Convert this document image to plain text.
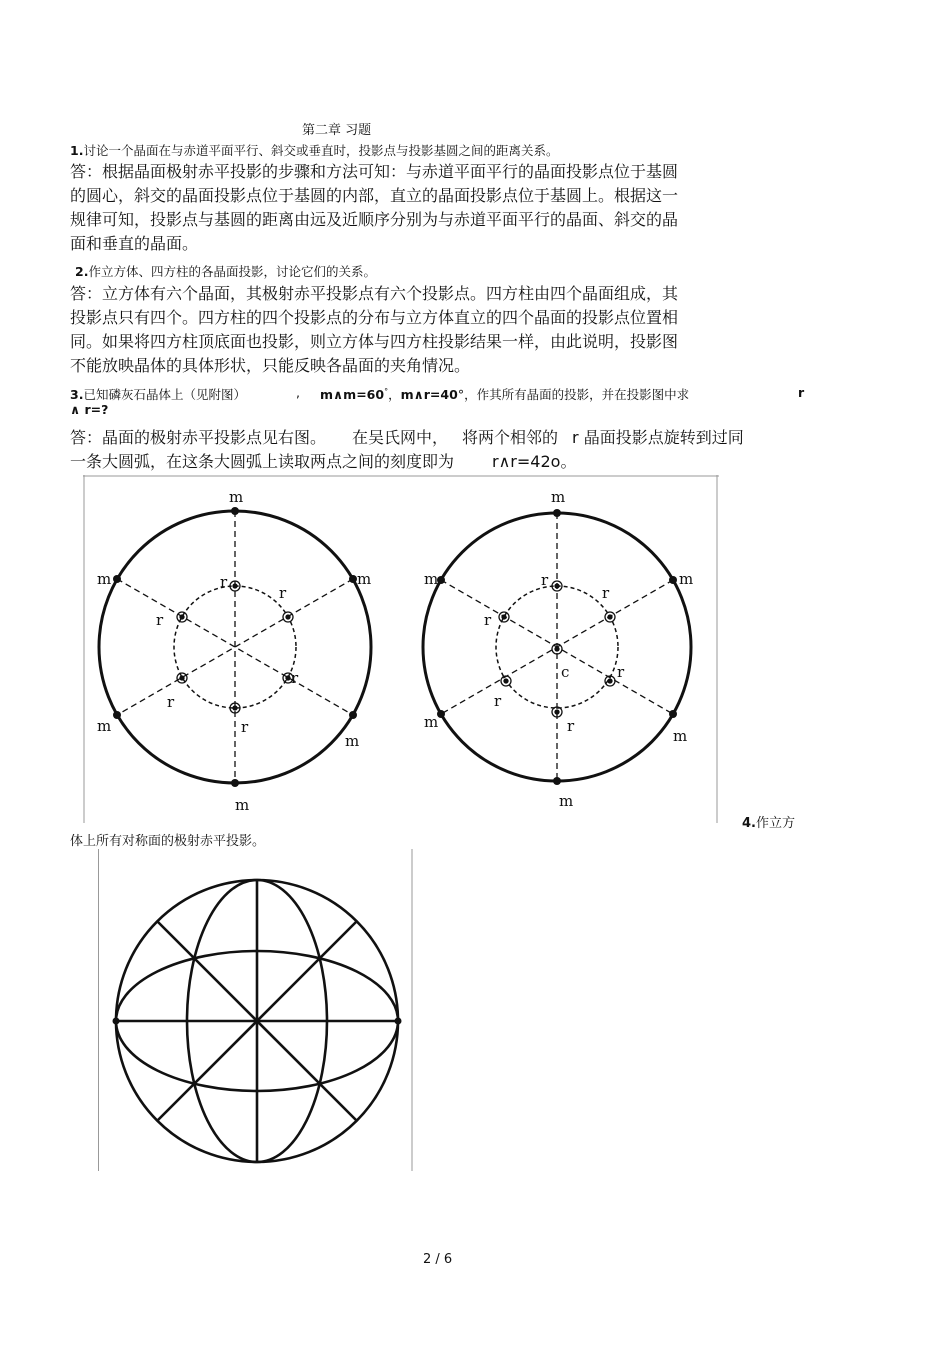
第二章 习题
1.讨论一个晶面在与赤道平面平行、斜交或垂直时，投影点与投影基圆之间的距离关系。
答：根据晶面极射赤平投影的步骤和方法可知：与赤道平面平行的晶面投影点位于基圆
的圆心，斜交的晶面投影点位于基圆的内部，直立的晶面投影点位于基圆上。根据这一
规律可知，投影点与基圆的距离由远及近顺序分别为与赤道平面平行的晶面、斜交的晶
面和垂直的晶面。
2.作立方体、四方柱的各晶面投影，讨论它们的关系。
答：立方体有六个晶面，其极射赤平投影点有六个投影点。四方柱由四个晶面组成，其
投影点只有四个。四方柱的四个投影点的分布与立方体直立的四个晶面的投影点位置相
同。如果将四方柱顶底面也投影，则立方体与四方柱投影结果一样，由此说明，投影图
不能放映晶体的具体形状，只能反映各晶面的夹角情况。
3.已知磷灰石晶体上（见附图）	, m∧m=60°，m∧r=40°，作其所有晶面的投影，并在投影图中求	r
∧ r=?
答：晶面的极射赤平投影点见右图。 在吴氏网中， 将两个相邻的 r 晶面投影点旋转到过同
一条大圆弧，在这条大圆弧上读取两点之间的刻度即为 r∧r=42o。
m
m	m
m
m
m
r
r
r
r
r
r
m
m	m
m
m
m
r
r
r
c
r
r
r
4.作立方
体上所有对称面的极射赤平投影。
2 / 6
